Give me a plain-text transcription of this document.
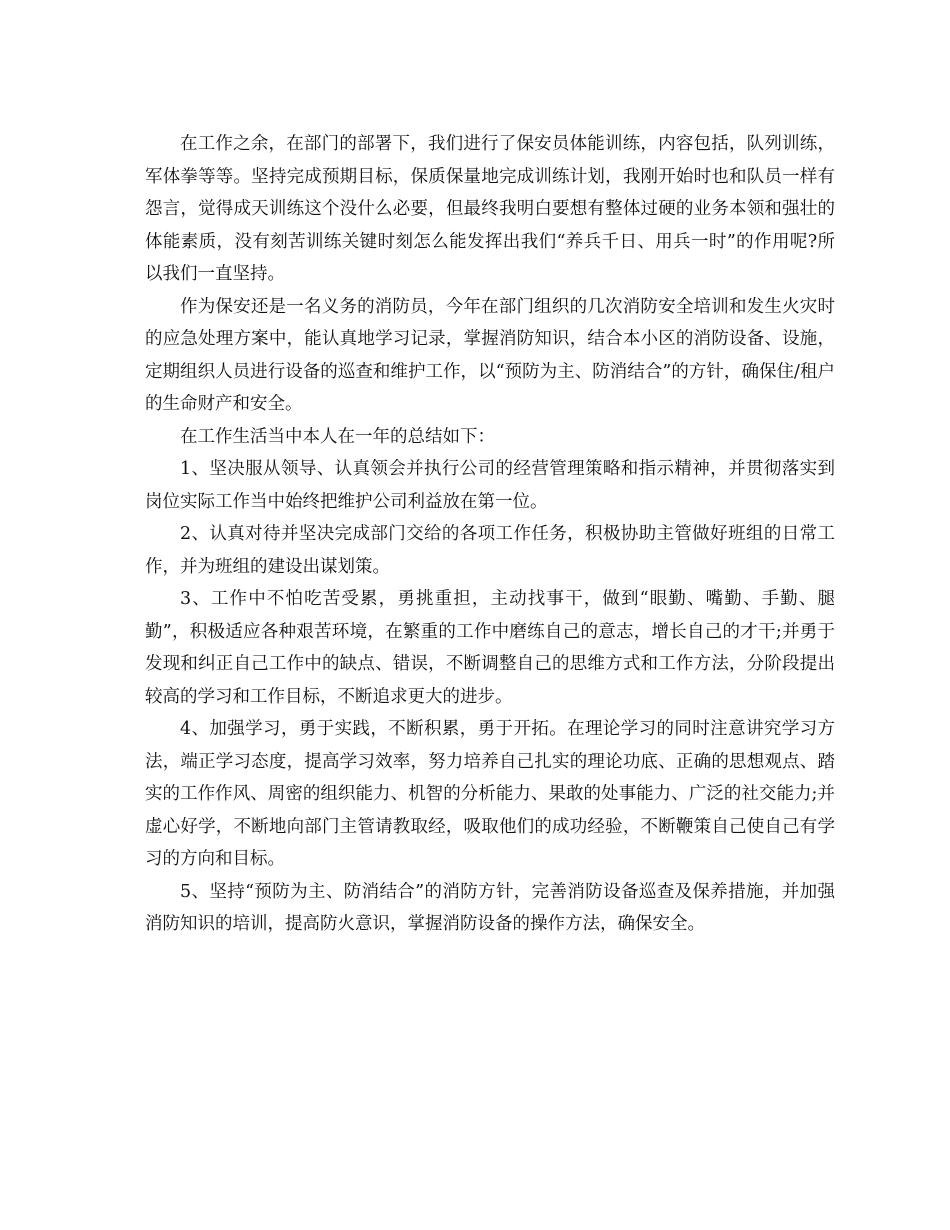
在工作之余，在部门的部署下，我们进行了保安员体能训练，内容包括，队列训练，军体拳等等。坚持完成预期目标，保质保量地完成训练计划，我刚开始时也和队员一样有怨言，觉得成天训练这个没什么必要，但最终我明白要想有整体过硬的业务本领和强壮的体能素质，没有刻苦训练关键时刻怎么能发挥出我们“养兵千日、用兵一时”的作用呢?所以我们一直坚持。

作为保安还是一名义务的消防员，今年在部门组织的几次消防安全培训和发生火灾时的应急处理方案中，能认真地学习记录，掌握消防知识，结合本小区的消防设备、设施，定期组织人员进行设备的巡查和维护工作，以“预防为主、防消结合”的方针，确保住/租户的生命财产和安全。

在工作生活当中本人在一年的总结如下：

1、坚决服从领导、认真领会并执行公司的经营管理策略和指示精神，并贯彻落实到岗位实际工作当中始终把维护公司利益放在第一位。

2、认真对待并坚决完成部门交给的各项工作任务，积极协助主管做好班组的日常工作，并为班组的建设出谋划策。

3、工作中不怕吃苦受累，勇挑重担，主动找事干，做到“眼勤、嘴勤、手勤、腿勤”，积极适应各种艰苦环境，在繁重的工作中磨练自己的意志，增长自己的才干;并勇于发现和纠正自己工作中的缺点、错误，不断调整自己的思维方式和工作方法，分阶段提出较高的学习和工作目标，不断追求更大的进步。

4、加强学习，勇于实践，不断积累，勇于开拓。在理论学习的同时注意讲究学习方法，端正学习态度，提高学习效率，努力培养自己扎实的理论功底、正确的思想观点、踏实的工作作风、周密的组织能力、机智的分析能力、果敢的处事能力、广泛的社交能力;并虚心好学，不断地向部门主管请教取经，吸取他们的成功经验，不断鞭策自己使自己有学习的方向和目标。

5、坚持“预防为主、防消结合”的消防方针，完善消防设备巡查及保养措施，并加强消防知识的培训，提高防火意识，掌握消防设备的操作方法，确保安全。
